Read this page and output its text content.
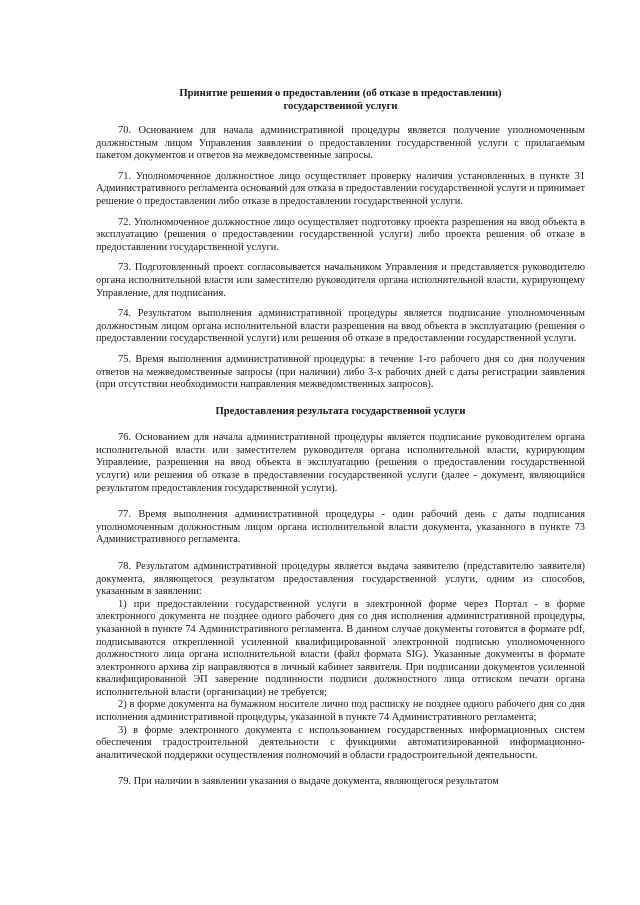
Принятие решения о предоставлении (об отказе в предоставлении)
государственной услуги

70. Основанием для начала административной процедуры является получение уполномоченным должностным лицом Управления заявления о предоставлении государственной услуги с прилагаемым пакетом документов и ответов на межведомственные запросы.

71. Уполномоченное должностное лицо осуществляет проверку наличия установленных в пункте 31 Административного регламента оснований для отказа в предоставлении государственной услуги и принимает решение о предоставлении либо отказе в предоставлении государственной услуги.

72. Уполномоченное должностное лицо осуществляет подготовку проекта разрешения на ввод объекта в эксплуатацию (решения о предоставлении государственной услуги) либо проекта решения об отказе в предоставлении государственной услуги.

73. Подготовленный проект согласовывается начальником Управления и представляется руководителю органа исполнительной власти или заместителю руководителя органа исполнительной власти, курирующему Управление, для подписания.

74. Результатом выполнения административной процедуры является подписание уполномоченным должностным лицом органа исполнительной власти разрешения на ввод объекта в эксплуатацию (решения о предоставлении государственной услуги) или решения об отказе в предоставлении государственной услуги.

75. Время выполнения административной процедуры: в течение 1-го рабочего дня со дня получения ответов на межведомственные запросы (при наличии) либо 3-х рабочих дней с даты регистрации заявления (при отсутствии необходимости направления межведомственных запросов).

Предоставления результата государственной услуги

76. Основанием для начала административной процедуры является подписание руководителем органа исполнительной власти или заместителем руководителя органа исполнительной власти, курирующим Управление, разрешения на ввод объекта в эксплуатацию (решения о предоставлении государственной услуги) или решения об отказе в предоставлении государственной услуги (далее - документ, являющийся результатом предоставления государственной услуги).

77. Время выполнения административной процедуры - один рабочий день с даты подписания уполномоченным должностным лицом органа исполнительной власти документа, указанного в пункте 73 Административного регламента.

78. Результатом административной процедуры является выдача заявителю (представителю заявителя) документа, являющегося результатом предоставления государственной услуги, одним из способов, указанным в заявлении:

1) при предоставлении государственной услуги в электронной форме через Портал - в форме электронного документа не позднее одного рабочего дня со дня исполнения административной процедуры, указанной в пункте 74 Административного регламента. В данном случае документы готовятся в формате pdf, подписываются открепленной усиленной квалифицированной электронной подписью уполномоченного должностного лица органа исполнительной власти (файл формата SIG). Указанные документы в формате электронного архива zip направляются в личный кабинет заявителя. При подписании документов усиленной квалифицированной ЭП заверение подлинности подписи должностного лица оттиском печати органа исполнительной власти (организации) не требуется;

2) в форме документа на бумажном носителе лично под расписку не позднее одного рабочего дня со дня исполнения административной процедуры, указанной в пункте 74 Административного регламента;

3) в форме электронного документа с использованием государственных информационных систем обеспечения градостроительной деятельности с функциями автоматизированной информационно-аналитической поддержки осуществления полномочий в области градостроительной деятельности.

79. При наличии в заявлении указания о выдаче документа, являющегося результатом
